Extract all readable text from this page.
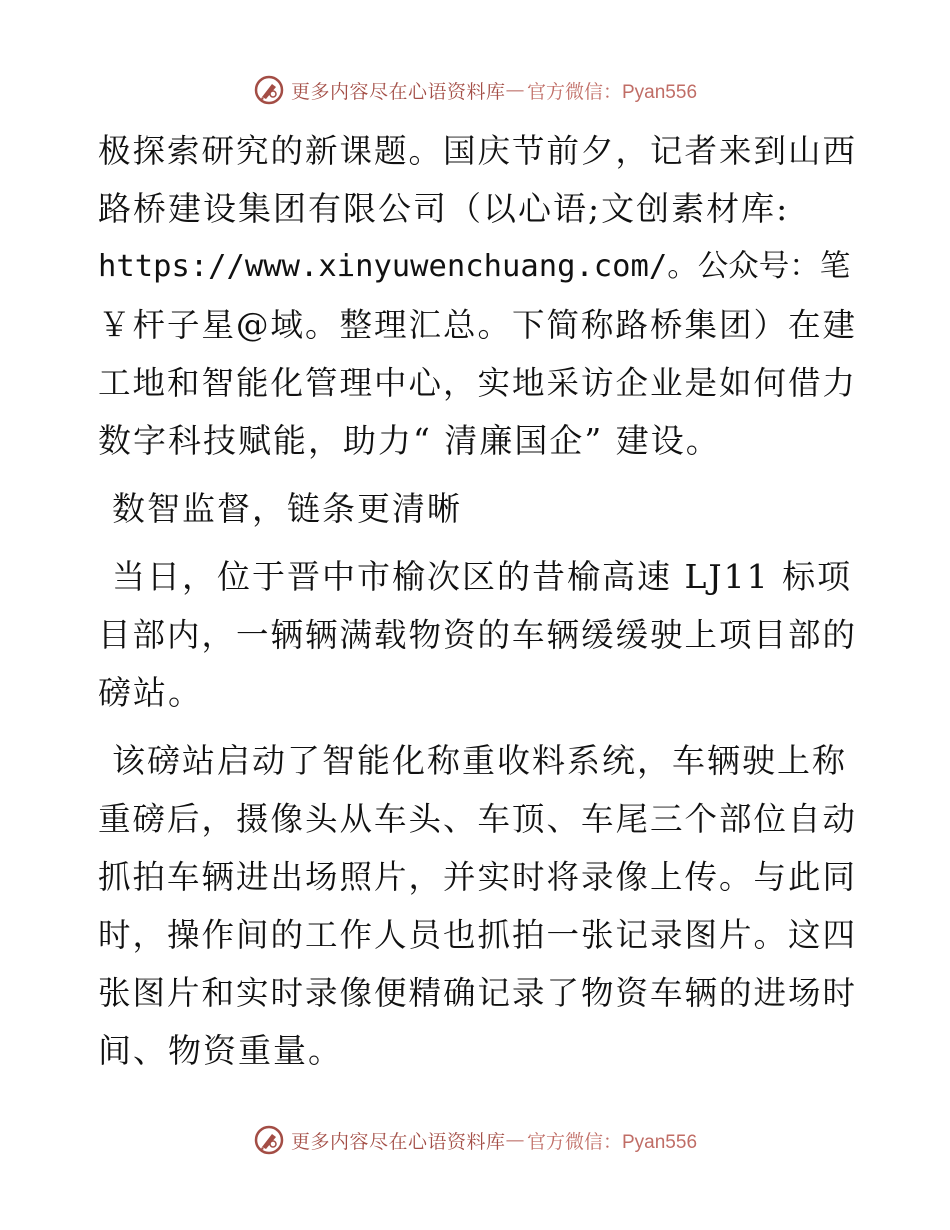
更多内容尽在心语资料库 — 官方微信：Pyan556
极探索研究的新课题。国庆节前夕，记者来到山西
路桥建设集团有限公司（以心语;文创素材库:
https://www.xinyuwenchuang.com/。公众号：笔
￥杆子星@域。整理汇总。下简称路桥集团）在建
工地和智能化管理中心，实地采访企业是如何借力
数字科技赋能，助力“ 清廉国企” 建设。
数智监督，链条更清晰
当日，位于晋中市榆次区的昔榆高速 LJ11 标项
目部内，一辆辆满载物资的车辆缓缓驶上项目部的
磅站。
该磅站启动了智能化称重收料系统，车辆驶上称
重磅后，摄像头从车头、车顶、车尾三个部位自动
抓拍车辆进出场照片，并实时将录像上传。与此同
时，操作间的工作人员也抓拍一张记录图片。这四
张图片和实时录像便精确记录了物资车辆的进场时
间、物资重量。
更多内容尽在心语资料库 — 官方微信：Pyan556
